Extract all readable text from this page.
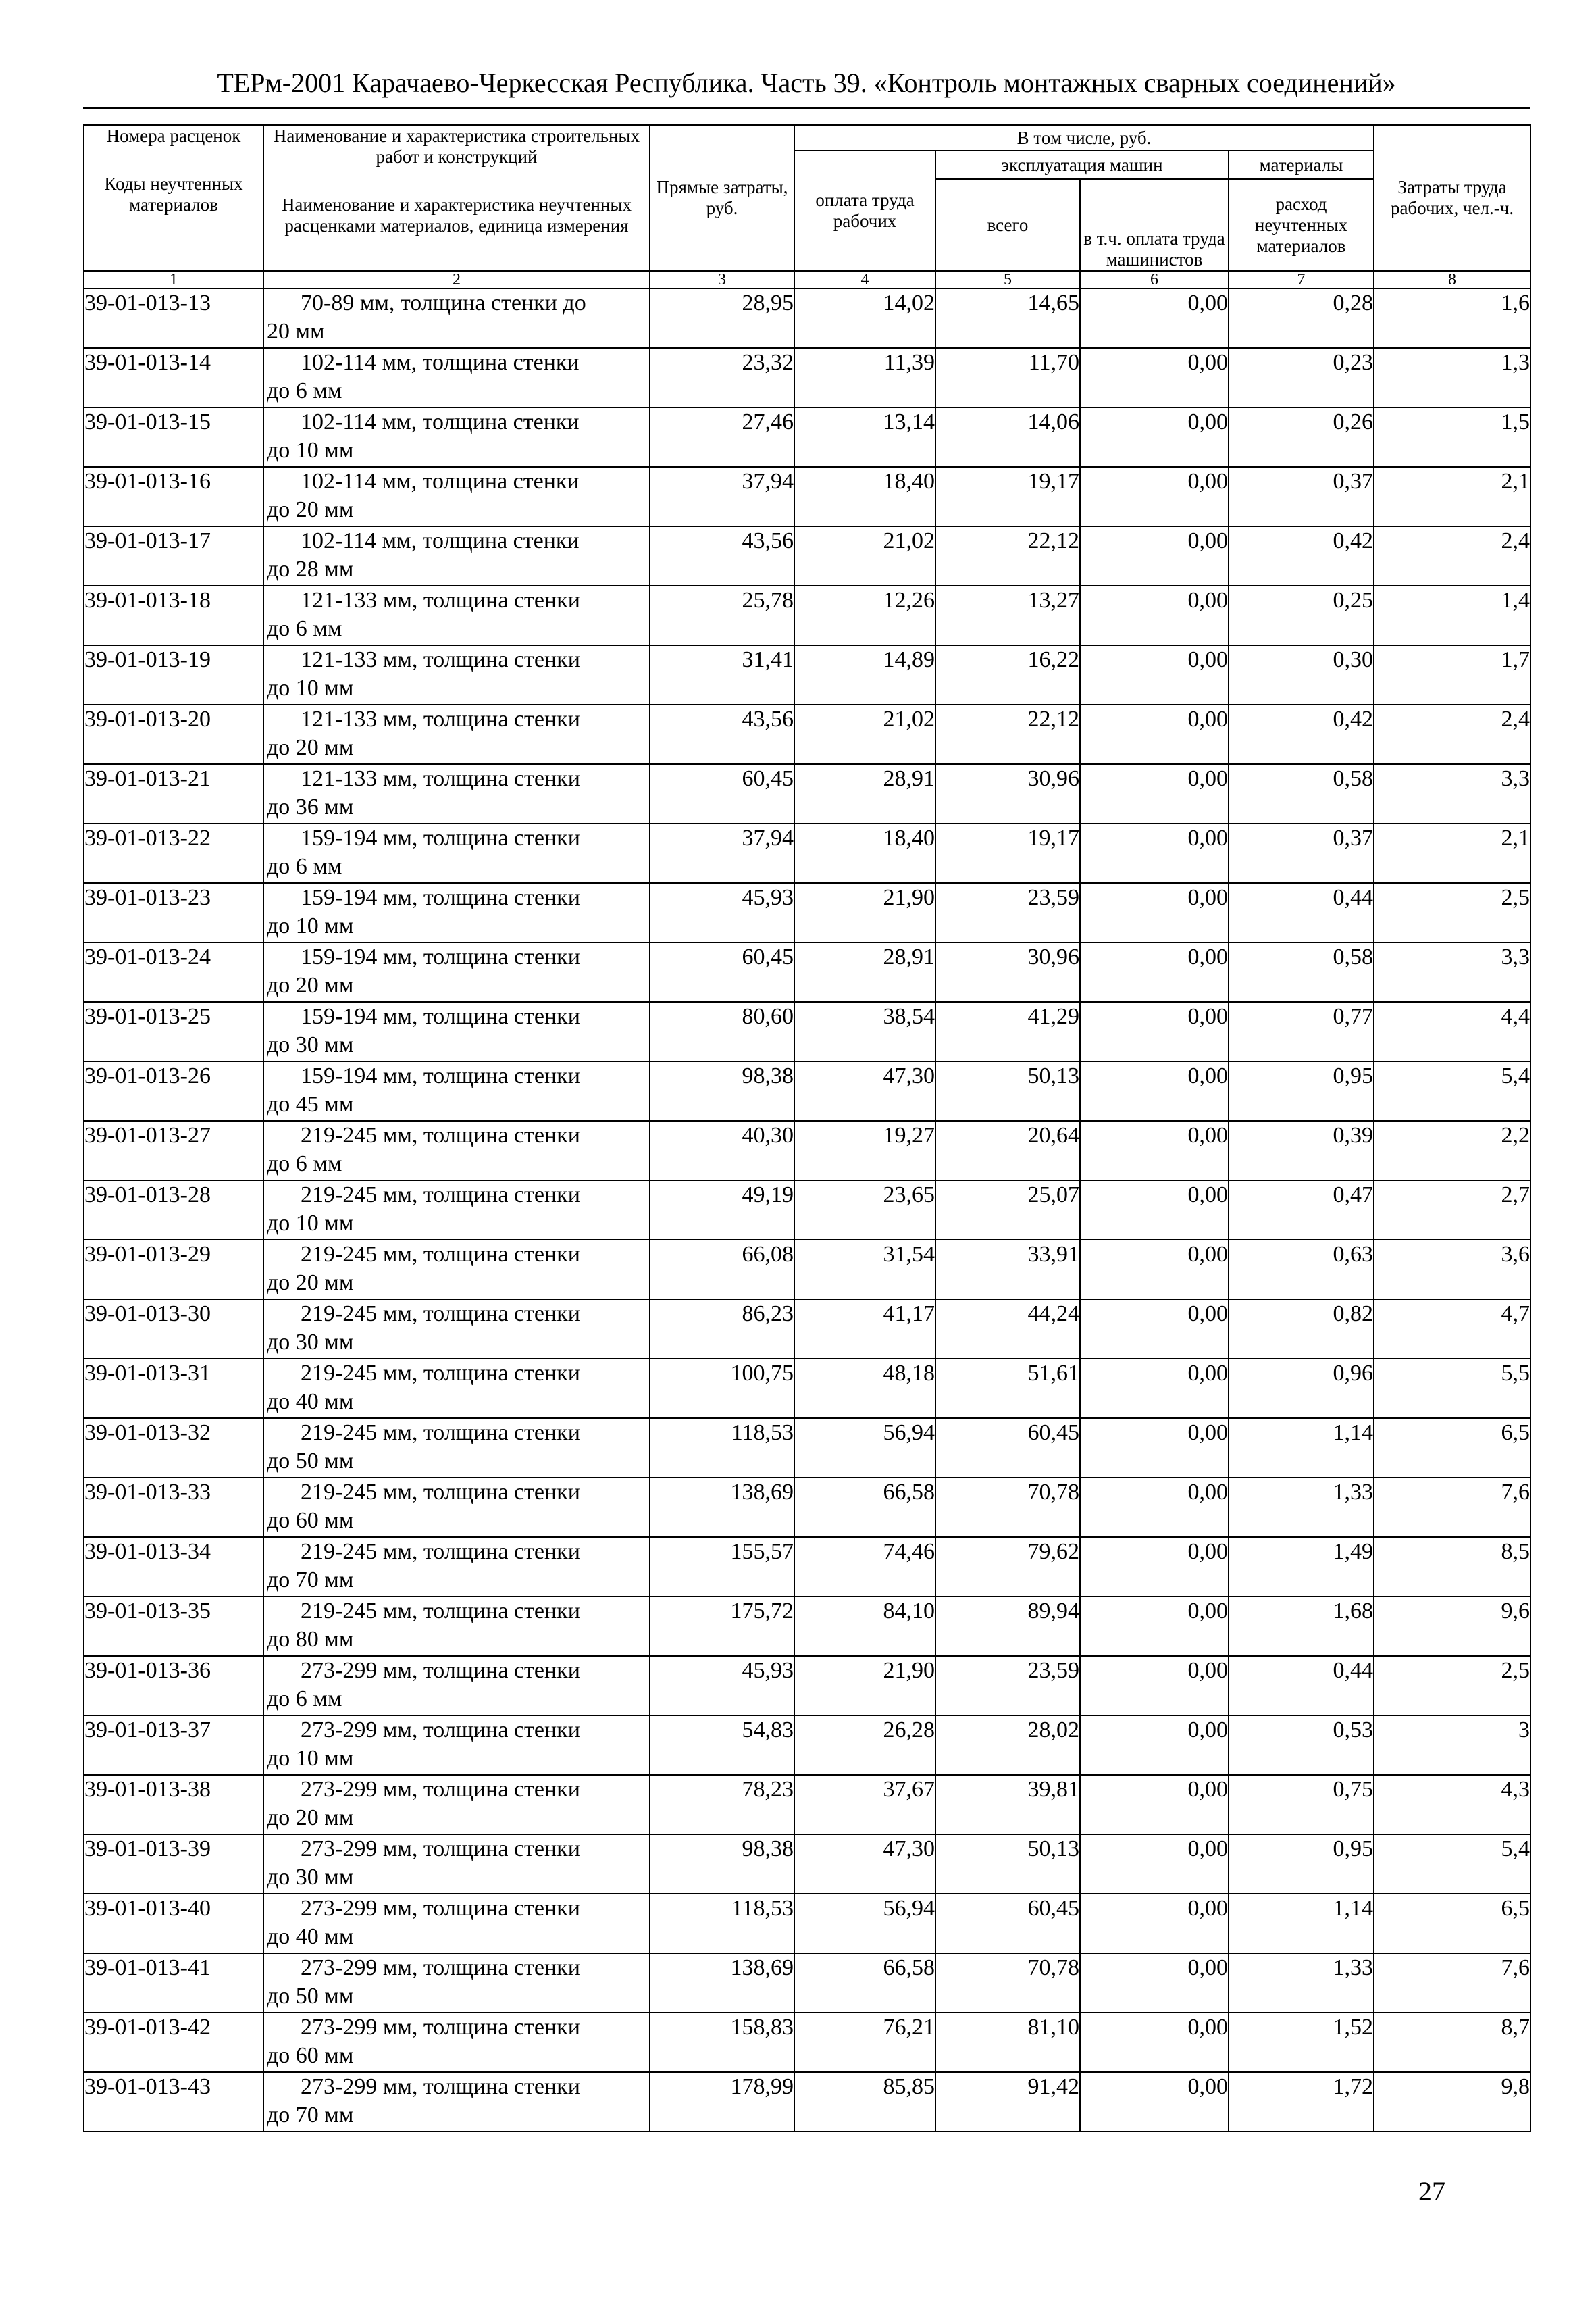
ТЕРм-2001 Карачаево-Черкесская Республика. Часть 39. «Контроль монтажных сварных соединений»
Номера расценок
Коды неучтенных материалов	Наименование и характеристика строительных работ и конструкций
Наименование и характеристика неучтенных расценками материалов, единица измерения	Прямые затраты, руб.	В том числе, руб.				Затраты труда рабочих, чел.-ч.
			оплата труда рабочих	эксплуатация машин		материалы	
				всего	в т.ч. оплата труда машинистов	расход неучтенных материалов	
1	2	3	4	5	6	7	8
39-01-013-13	70-89 мм, толщина стенки до
20 мм	28,95	14,02	14,65	0,00	0,28	1,6
39-01-013-14	102-114 мм, толщина стенки
до 6 мм	23,32	11,39	11,70	0,00	0,23	1,3
39-01-013-15	102-114 мм, толщина стенки
до 10 мм	27,46	13,14	14,06	0,00	0,26	1,5
39-01-013-16	102-114 мм, толщина стенки
до 20 мм	37,94	18,40	19,17	0,00	0,37	2,1
39-01-013-17	102-114 мм, толщина стенки
до 28 мм	43,56	21,02	22,12	0,00	0,42	2,4
39-01-013-18	121-133 мм, толщина стенки
до 6 мм	25,78	12,26	13,27	0,00	0,25	1,4
39-01-013-19	121-133 мм, толщина стенки
до 10 мм	31,41	14,89	16,22	0,00	0,30	1,7
39-01-013-20	121-133 мм, толщина стенки
до 20 мм	43,56	21,02	22,12	0,00	0,42	2,4
39-01-013-21	121-133 мм, толщина стенки
до 36 мм	60,45	28,91	30,96	0,00	0,58	3,3
39-01-013-22	159-194 мм, толщина стенки
до 6 мм	37,94	18,40	19,17	0,00	0,37	2,1
39-01-013-23	159-194 мм, толщина стенки
до 10 мм	45,93	21,90	23,59	0,00	0,44	2,5
39-01-013-24	159-194 мм, толщина стенки
до 20 мм	60,45	28,91	30,96	0,00	0,58	3,3
39-01-013-25	159-194 мм, толщина стенки
до 30 мм	80,60	38,54	41,29	0,00	0,77	4,4
39-01-013-26	159-194 мм, толщина стенки
до 45 мм	98,38	47,30	50,13	0,00	0,95	5,4
39-01-013-27	219-245 мм, толщина стенки
до 6 мм	40,30	19,27	20,64	0,00	0,39	2,2
39-01-013-28	219-245 мм, толщина стенки
до 10 мм	49,19	23,65	25,07	0,00	0,47	2,7
39-01-013-29	219-245 мм, толщина стенки
до 20 мм	66,08	31,54	33,91	0,00	0,63	3,6
39-01-013-30	219-245 мм, толщина стенки
до 30 мм	86,23	41,17	44,24	0,00	0,82	4,7
39-01-013-31	219-245 мм, толщина стенки
до 40 мм	100,75	48,18	51,61	0,00	0,96	5,5
39-01-013-32	219-245 мм, толщина стенки
до 50 мм	118,53	56,94	60,45	0,00	1,14	6,5
39-01-013-33	219-245 мм, толщина стенки
до 60 мм	138,69	66,58	70,78	0,00	1,33	7,6
39-01-013-34	219-245 мм, толщина стенки
до 70 мм	155,57	74,46	79,62	0,00	1,49	8,5
39-01-013-35	219-245 мм, толщина стенки
до 80 мм	175,72	84,10	89,94	0,00	1,68	9,6
39-01-013-36	273-299 мм, толщина стенки
до 6 мм	45,93	21,90	23,59	0,00	0,44	2,5
39-01-013-37	273-299 мм, толщина стенки
до 10 мм	54,83	26,28	28,02	0,00	0,53	3
39-01-013-38	273-299 мм, толщина стенки
до 20 мм	78,23	37,67	39,81	0,00	0,75	4,3
39-01-013-39	273-299 мм, толщина стенки
до 30 мм	98,38	47,30	50,13	0,00	0,95	5,4
39-01-013-40	273-299 мм, толщина стенки
до 40 мм	118,53	56,94	60,45	0,00	1,14	6,5
39-01-013-41	273-299 мм, толщина стенки
до 50 мм	138,69	66,58	70,78	0,00	1,33	7,6
39-01-013-42	273-299 мм, толщина стенки
до 60 мм	158,83	76,21	81,10	0,00	1,52	8,7
39-01-013-43	273-299 мм, толщина стенки
до 70 мм	178,99	85,85	91,42	0,00	1,72	9,8
27
